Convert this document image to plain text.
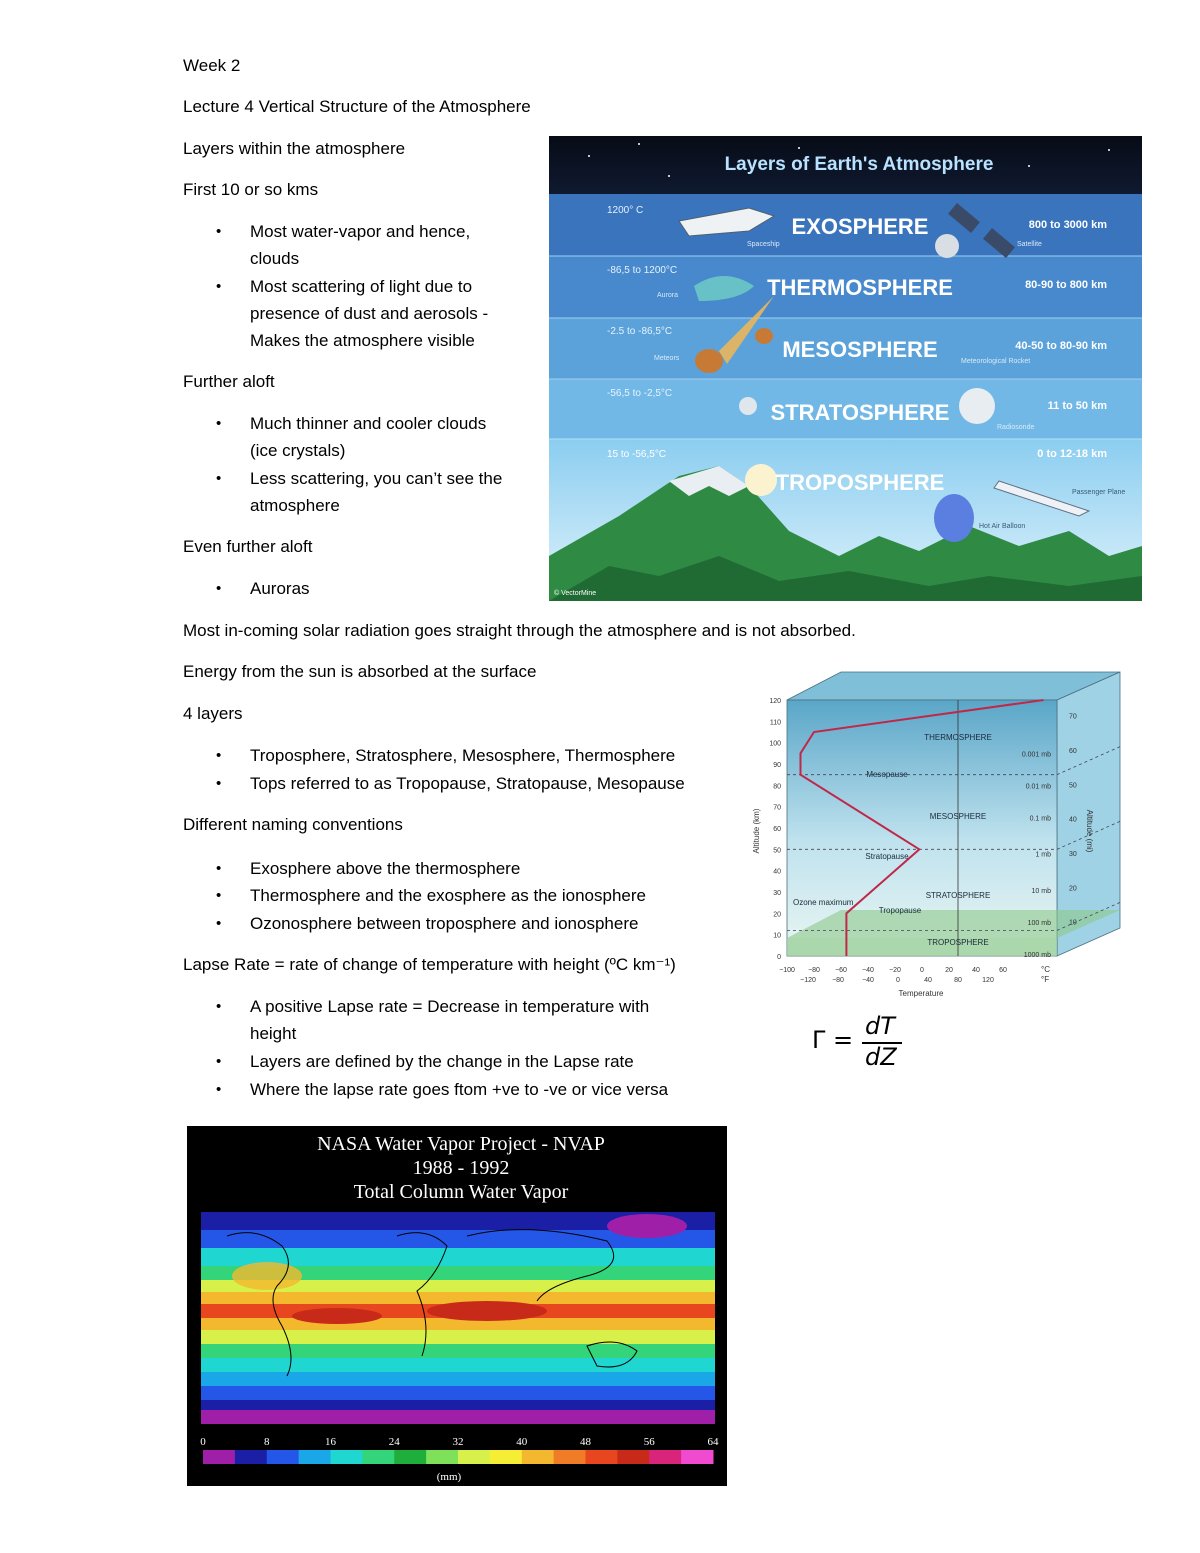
Week 2
Lecture 4 Vertical Structure of the Atmosphere
Layers within the atmosphere
First 10 or so kms
• Most water-vapor and hence,
clouds
• Most scattering of light due to
presence of dust and aerosols -
Makes the atmosphere visible
Further aloft
• Much thinner and cooler clouds
(ice crystals)
• Less scattering, you can’t see the
atmosphere
Even further aloft
• Auroras
Most in-coming solar radiation goes straight through the atmosphere and is not absorbed.
Energy from the sun is absorbed at the surface
4 layers
• Troposphere, Stratosphere, Mesosphere, Thermosphere
• Tops referred to as Tropopause, Stratopause, Mesopause
Different naming conventions
• Exosphere above the thermosphere
• Thermosphere and the exosphere as the ionosphere
• Ozonosphere between troposphere and ionosphere
Lapse Rate = rate of change of temperature with height (ºC km⁻¹)
• A positive Lapse rate = Decrease in temperature with
height
• Layers are defined by the change in the Lapse rate
• Where the lapse rate goes ftom +ve to -ve or vice versa
Layers of Earth's Atmosphere
1200° C
-86,5 to 1200°C
-2.5 to -86,5°C
-56,5 to -2,5°C
15 to -56,5°C
EXOSPHERE
THERMOSPHERE
MESOSPHERE
STRATOSPHERE
TROPOSPHERE
800 to 3000 km
80-90 to 800 km
40-50 to 80-90 km
11 to 50 km
0 to 12-18 km
Spaceship	Satellite
Aurora
Meteors	Meteorological Rocket
Radiosonde
Hot Air Balloon
Passenger Plane
© VectorMine
120
110
100
90
80
70
60
50
40
30
20
10
0
−100 −80 −60 −40 −20	0	20	40	60
−120 −80	−40	0	40	80	120
70
60
50
40
30
20
10
0.001 mb
0.01 mb
0.1 mb
1 mb
10 mb
100 mb
1000 mb
THERMOSPHERE
Mesopause
MESOSPHERE
Stratopause
STRATOSPHERE
Tropopause
TROPOSPHERE
Ozone maximum
Temperature
Altitude (km)	Altitude (mi)
°C
°F
Γ = dT
dZ
NASA Water Vapor Project - NVAP
1988 - 1992
Total Column Water Vapor
0	8	16	24	32	40	48	56	64
(mm)
